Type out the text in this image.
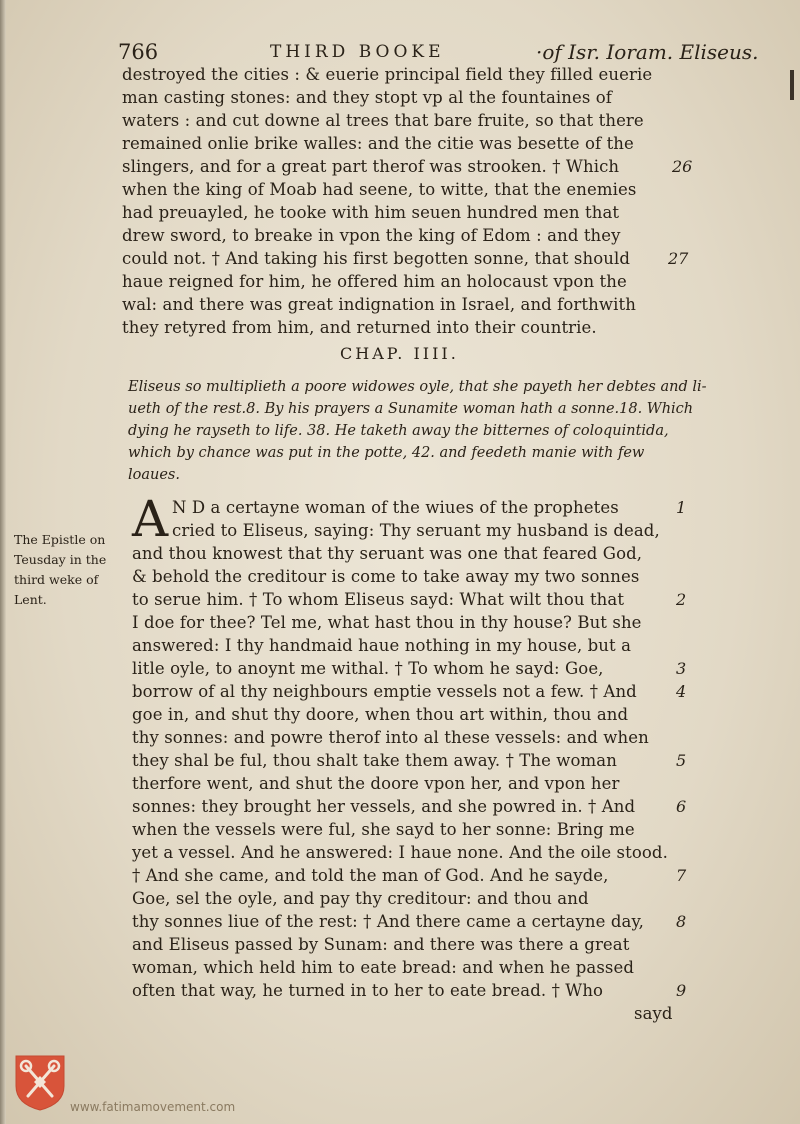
766	THIRD BOOKE	·of Isr. Ioram. Eliseus.
destroyed the cities : & euerie principal field they filled euerie
man casting stones: and they stopt vp al the fountaines of
waters : and cut downe al trees that bare fruite, so that there
remained onlie brike walles: and the citie was besette of the
slingers, and for a great part therof was strooken. † Which
when the king of Moab had seene, to witte, that the enemies
had preuayled, he tooke with him seuen hundred men that
drew sword, to breake in vpon the king of Edom : and they
could not. † And taking his first begotten sonne, that should
haue reigned for him, he offered him an holocaust vpon the
wal: and there was great indignation in Israel, and forthwith
they retyred from him, and returned into their countrie.
26
27
CHAP. IIII.
Eliseus so multiplieth a poore widowes oyle, that she payeth her debtes and li-
ueth of the rest.8. By his prayers a Sunamite woman hath a sonne.18. Which
dying he rayseth to life. 38. He taketh away the bitternes of coloquintida,
which by chance was put in the potte, 42. and feedeth manie with few
loaues.
The Epistle on
Teusday in the
third weke of
Lent.
A N D a certayne woman of the wiues of the prophetes
cried to Eliseus, saying: Thy seruant my husband is dead,
and thou knowest that thy seruant was one that feared God,
& behold the creditour is come to take away my two sonnes
to serue him. † To whom Eliseus sayd: What wilt thou that
I doe for thee? Tel me, what hast thou in thy house? But she
answered: I thy handmaid haue nothing in my house, but a
litle oyle, to anoynt me withal. † To whom he sayd: Goe,
borrow of al thy neighbours emptie vessels not a few. † And
goe in, and shut thy doore, when thou art within, thou and
thy sonnes: and powre therof into al these vessels: and when
they shal be ful, thou shalt take them away. † The woman
therfore went, and shut the doore vpon her, and vpon her
sonnes: they brought her vessels, and she powred in. † And
when the vessels were ful, she sayd to her sonne: Bring me
yet a vessel. And he answered: I haue none. And the oile stood.
† And she came, and told the man of God. And he sayde,
Goe, sel the oyle, and pay thy creditour: and thou and
thy sonnes liue of the rest: † And there came a certayne day,
and Eliseus passed by Sunam: and there was there a great
woman, which held him to eate bread: and when he passed
often that way, he turned in to her to eate bread. † Who
sayd
1
2
3
4
5
6
7
8
9
www.fatimamovement.com
